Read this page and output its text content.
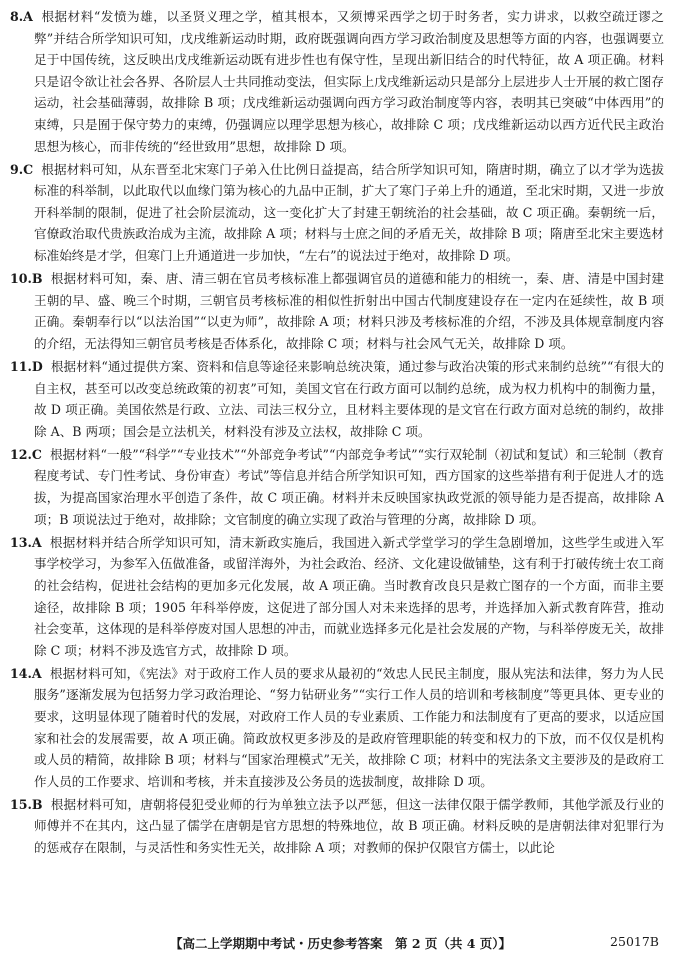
8.A 根据材料“发愤为雄，以圣贤义理之学，植其根本，又须博采西学之切于时务者，实力讲求，以救空疏迂谬之弊”并结合所学知识可知，戊戌维新运动时期，政府既强调向西方学习政治制度及思想等方面的内容，也强调要立足于中国传统，这反映出戊戌维新运动既有进步性也有保守性，呈现出新旧结合的时代特征，故 A 项正确。材料只是诏令欲让社会各界、各阶层人士共同推动变法，但实际上戊戌维新运动只是部分上层进步人士开展的救亡图存运动，社会基础薄弱，故排除 B 项；戊戌维新运动强调向西方学习政治制度等内容，表明其已突破“中体西用”的束缚，只是囿于保守势力的束缚，仍强调应以理学思想为核心，故排除 C 项；戊戌维新运动以西方近代民主政治思想为核心，而非传统的“经世致用”思想，故排除 D 项。

9.C 根据材料可知，从东晋至北宋寒门子弟入仕比例日益提高，结合所学知识可知，隋唐时期，确立了以才学为选拔标准的科举制，以此取代以血缘门第为核心的九品中正制，扩大了寒门子弟上升的通道，至北宋时期，又进一步放开科举制的限制，促进了社会阶层流动，这一变化扩大了封建王朝统治的社会基础，故 C 项正确。秦朝统一后，官僚政治取代贵族政治成为主流，故排除 A 项；材料与士庶之间的矛盾无关，故排除 B 项；隋唐至北宋主要选材标准始终是才学，但寒门上升通道进一步加快，“左右”的说法过于绝对，故排除 D 项。

10.B 根据材料可知，秦、唐、清三朝在官员考核标准上都强调官员的道德和能力的相统一，秦、唐、清是中国封建王朝的早、盛、晚三个时期，三朝官员考核标准的相似性折射出中国古代制度建设存在一定内在延续性，故 B 项正确。秦朝奉行以“以法治国”“以吏为师”，故排除 A 项；材料只涉及考核标准的介绍，不涉及具体规章制度内容的介绍，无法得知三朝官员考核是否体系化，故排除 C 项；材料与社会风气无关，故排除 D 项。

11.D 根据材料“通过提供方案、资料和信息等途径来影响总统决策，通过参与政治决策的形式来制约总统”“有很大的自主权，甚至可以改变总统政策的初衷”可知，美国文官在行政方面可以制约总统，成为权力机构中的制衡力量，故 D 项正确。美国依然是行政、立法、司法三权分立，且材料主要体现的是文官在行政方面对总统的制约，故排除 A、B 两项；国会是立法机关，材料没有涉及立法权，故排除 C 项。

12.C 根据材料“一般”“科学”“专业技术”“外部竞争考试”“内部竞争考试”“实行双轮制（初试和复试）和三轮制（教育程度考试、专门性考试、身份审查）考试”等信息并结合所学知识可知，西方国家的这些举措有利于促进人才的选拔，为提高国家治理水平创造了条件，故 C 项正确。材料并未反映国家执政党派的领导能力是否提高，故排除 A 项；B 项说法过于绝对，故排除；文官制度的确立实现了政治与管理的分离，故排除 D 项。

13.A 根据材料并结合所学知识可知，清末新政实施后，我国进入新式学堂学习的学生急剧增加，这些学生或进入军事学校学习，为参军入伍做准备，或留洋海外，为社会政治、经济、文化建设做铺垫，这有利于打破传统士农工商的社会结构，促进社会结构的更加多元化发展，故 A 项正确。当时教育改良只是救亡图存的一个方面，而非主要途径，故排除 B 项；1905 年科举停废，这促进了部分国人对未来选择的思考，并选择加入新式教育阵营，推动社会变革，这体现的是科举停废对国人思想的冲击，而就业选择多元化是社会发展的产物，与科举停废无关，故排除 C 项；材料不涉及选官方式，故排除 D 项。

14.A 根据材料可知，《宪法》对于政府工作人员的要求从最初的“效忠人民民主制度，服从宪法和法律，努力为人民服务”逐渐发展为包括努力学习政治理论、“努力钻研业务”“实行工作人员的培训和考核制度”等更具体、更专业的要求，这明显体现了随着时代的发展，对政府工作人员的专业素质、工作能力和法制度有了更高的要求，以适应国家和社会的发展需要，故 A 项正确。简政放权更多涉及的是政府管理职能的转变和权力的下放，而不仅仅是机构或人员的精简，故排除 B 项；材料与“国家治理模式”无关，故排除 C 项；材料中的宪法条文主要涉及的是政府工作人员的工作要求、培训和考核，并未直接涉及公务员的选拔制度，故排除 D 项。

15.B 根据材料可知，唐朝将侵犯受业师的行为单独立法予以严惩，但这一法律仅限于儒学教师，其他学派及行业的师傅并不在其内，这凸显了儒学在唐朝是官方思想的特殊地位，故 B 项正确。材料反映的是唐朝法律对犯罪行为的惩戒存在限制，与灵活性和务实性无关，故排除 A 项；对教师的保护仅限官方儒士，以此论

【高二上学期期中考试・历史参考答案　第 2 页（共 4 页）】	25017B
